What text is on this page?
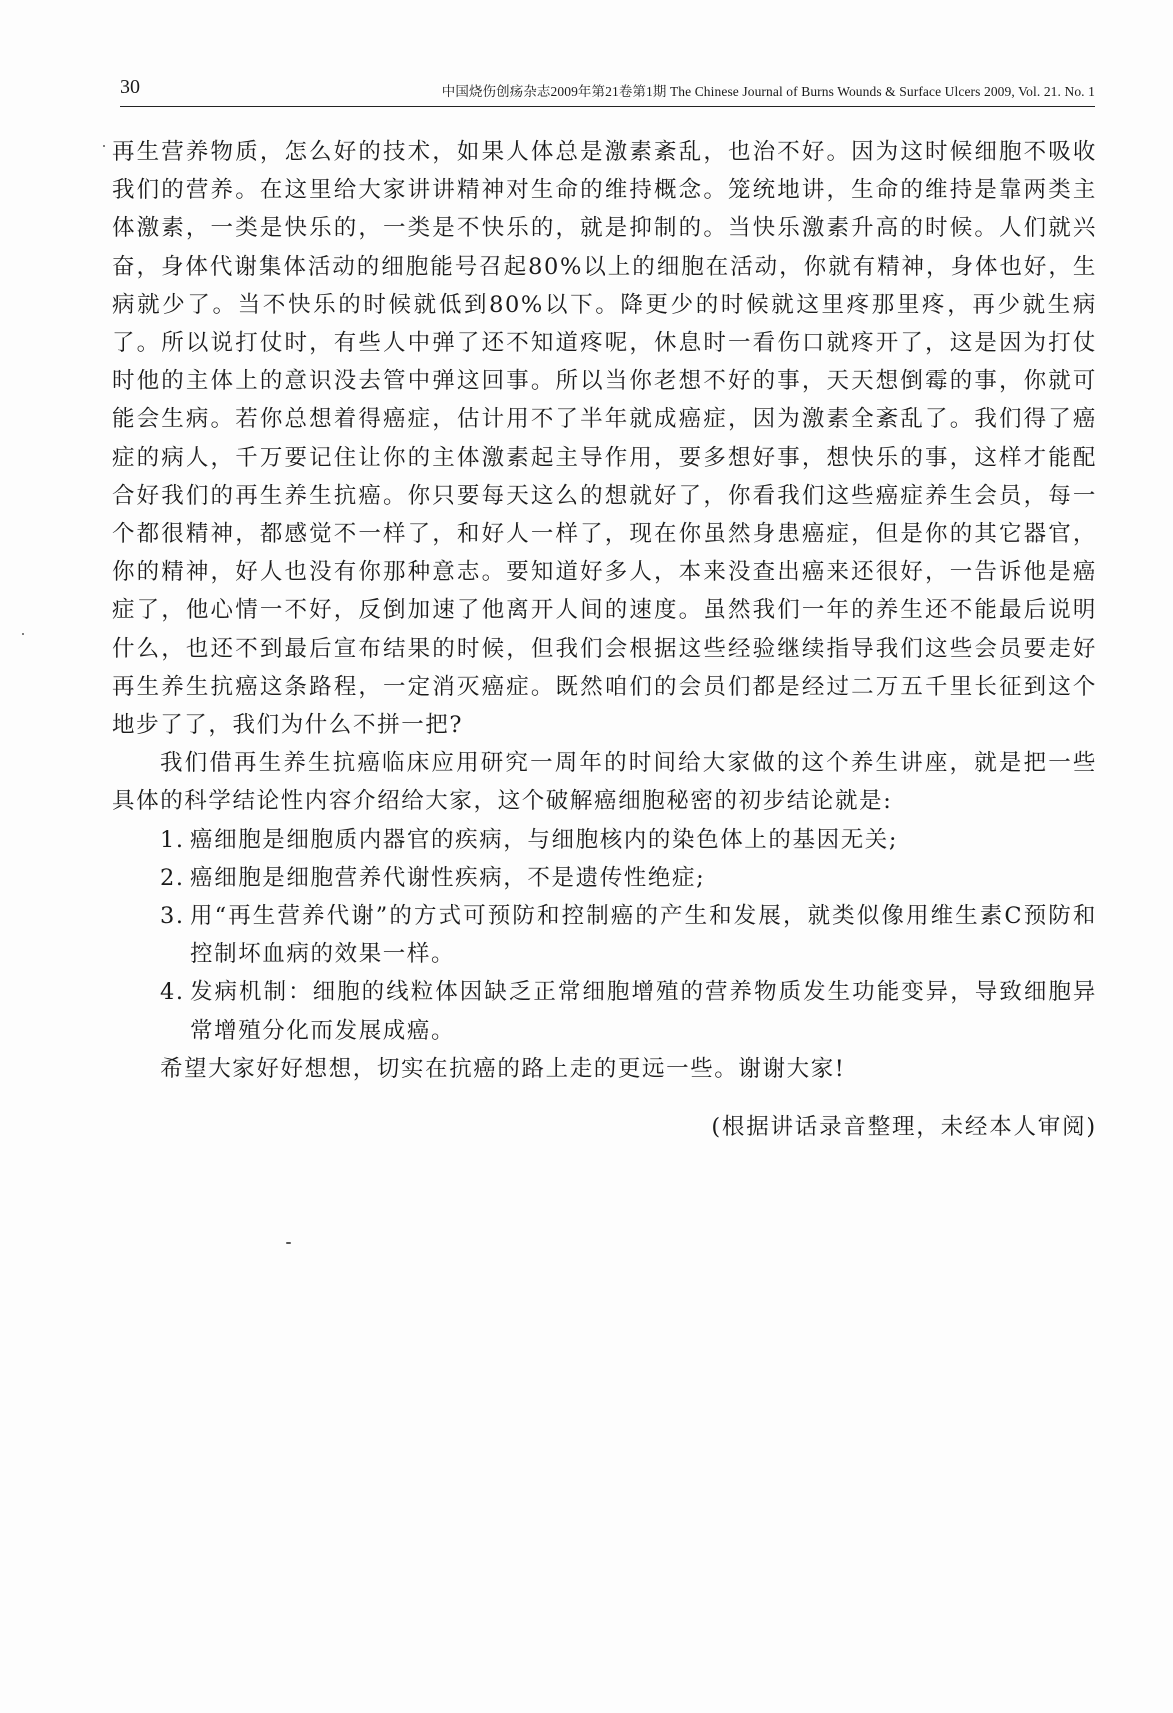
30	中国烧伤创疡杂志2009年第21卷第1期 The Chinese Journal of Burns Wounds & Surface Ulcers 2009, Vol. 21. No. 1

再生营养物质，怎么好的技术，如果人体总是激素紊乱，也治不好。因为这时候细胞不吸收我们的营养。在这里给大家讲讲精神对生命的维持概念。笼统地讲，生命的维持是靠两类主体激素，一类是快乐的，一类是不快乐的，就是抑制的。当快乐激素升高的时候。人们就兴奋，身体代谢集体活动的细胞能号召起80%以上的细胞在活动，你就有精神，身体也好，生病就少了。当不快乐的时候就低到80%以下。降更少的时候就这里疼那里疼，再少就生病了。所以说打仗时，有些人中弹了还不知道疼呢，休息时一看伤口就疼开了，这是因为打仗时他的主体上的意识没去管中弹这回事。所以当你老想不好的事，天天想倒霉的事，你就可能会生病。若你总想着得癌症，估计用不了半年就成癌症，因为激素全紊乱了。我们得了癌症的病人，千万要记住让你的主体激素起主导作用，要多想好事，想快乐的事，这样才能配合好我们的再生养生抗癌。你只要每天这么的想就好了，你看我们这些癌症养生会员，每一个都很精神，都感觉不一样了，和好人一样了，现在你虽然身患癌症，但是你的其它器官，你的精神，好人也没有你那种意志。要知道好多人，本来没查出癌来还很好，一告诉他是癌症了，他心情一不好，反倒加速了他离开人间的速度。虽然我们一年的养生还不能最后说明什么，也还不到最后宣布结果的时候，但我们会根据这些经验继续指导我们这些会员要走好再生养生抗癌这条路程，一定消灭癌症。既然咱们的会员们都是经过二万五千里长征到这个地步了了，我们为什么不拼一把?

我们借再生养生抗癌临床应用研究一周年的时间给大家做的这个养生讲座，就是把一些具体的科学结论性内容介绍给大家，这个破解癌细胞秘密的初步结论就是:

1. 癌细胞是细胞质内器官的疾病，与细胞核内的染色体上的基因无关;
2. 癌细胞是细胞营养代谢性疾病，不是遗传性绝症;
3. 用“再生营养代谢”的方式可预防和控制癌的产生和发展，就类似像用维生素C预防和控制坏血病的效果一样。
4. 发病机制：细胞的线粒体因缺乏正常细胞增殖的营养物质发生功能变异，导致细胞异常增殖分化而发展成癌。

希望大家好好想想，切实在抗癌的路上走的更远一些。谢谢大家!

(根据讲话录音整理，未经本人审阅)
